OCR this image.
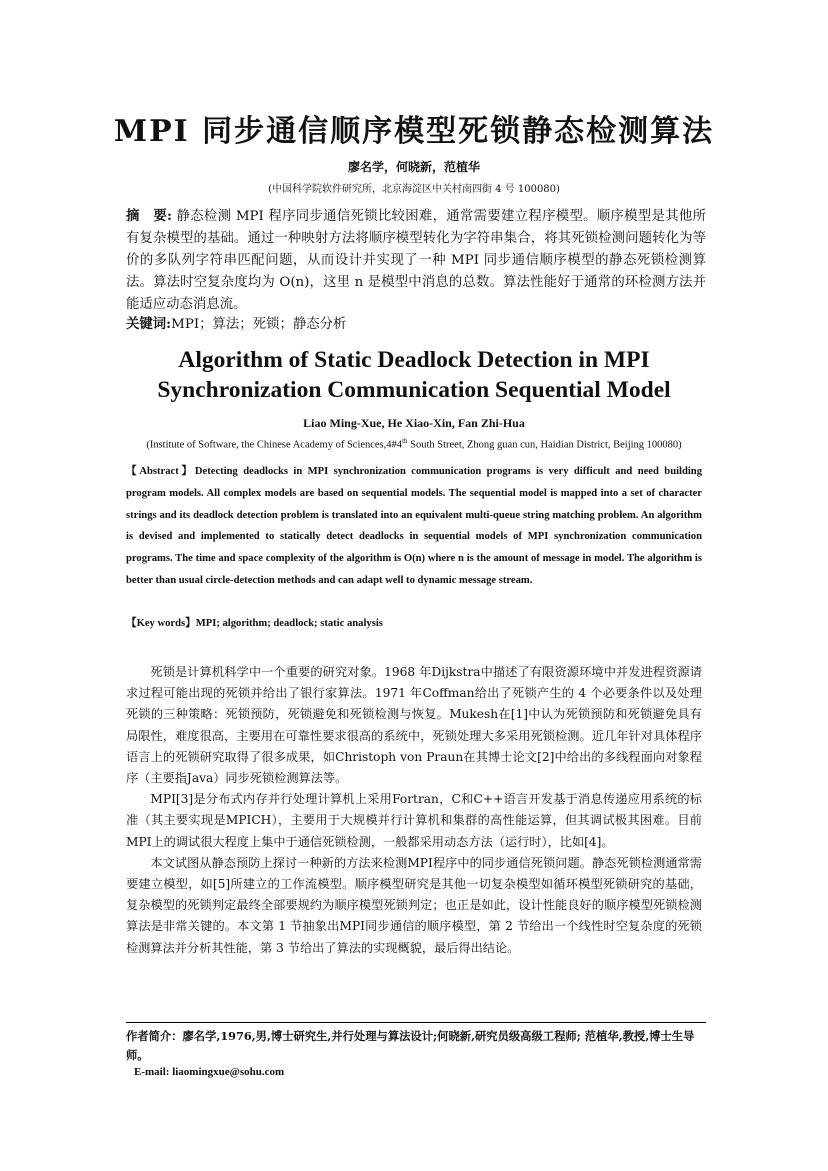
MPI 同步通信顺序模型死锁静态检测算法
廖名学，何晓新，范植华
(中国科学院软件研究所，北京海淀区中关村南四街 4 号 100080)
摘　要: 静态检测 MPI 程序同步通信死锁比较困难，通常需要建立程序模型。顺序模型是其他所有复杂模型的基础。通过一种映射方法将顺序模型转化为字符串集合，将其死锁检测问题转化为等价的多队列字符串匹配问题，从而设计并实现了一种 MPI 同步通信顺序模型的静态死锁检测算法。算法时空复杂度均为 O(n)，这里 n 是模型中消息的总数。算法性能好于通常的环检测方法并能适应动态消息流。
关键词:MPI；算法；死锁；静态分析
Algorithm of Static Deadlock Detection in MPI
Synchronization Communication Sequential Model
Liao Ming-Xue, He Xiao-Xin, Fan Zhi-Hua
(Institute of Software, the Chinese Academy of Sciences,4#4th South Street, Zhong guan cun, Haidian District, Beijing 100080)
【Abstract】Detecting deadlocks in MPI synchronization communication programs is very difficult and need building program models. All complex models are based on sequential models. The sequential model is mapped into a set of character strings and its deadlock detection problem is translated into an equivalent multi-queue string matching problem. An algorithm is devised and implemented to statically detect deadlocks in sequential models of MPI synchronization communication programs. The time and space complexity of the algorithm is O(n) where n is the amount of message in model. The algorithm is better than usual circle-detection methods and can adapt well to dynamic message stream.
【Key words】MPI; algorithm; deadlock; static analysis

死锁是计算机科学中一个重要的研究对象。1968 年Dijkstra中描述了有限资源环境中并发进程资源请求过程可能出现的死锁并给出了银行家算法。1971 年Coffman给出了死锁产生的 4 个必要条件以及处理死锁的三种策略：死锁预防，死锁避免和死锁检测与恢复。Mukesh在[1]中认为死锁预防和死锁避免具有局限性，难度很高，主要用在可靠性要求很高的系统中，死锁处理大多采用死锁检测。近几年针对具体程序语言上的死锁研究取得了很多成果，如Christoph von Praun在其博士论文[2]中给出的多线程面向对象程序（主要指Java）同步死锁检测算法等。

MPI[3]是分布式内存并行处理计算机上采用Fortran，C和C++语言开发基于消息传递应用系统的标准（其主要实现是MPICH），主要用于大规模并行计算机和集群的高性能运算，但其调试极其困难。目前MPI上的调试很大程度上集中于通信死锁检测，一般都采用动态方法（运行时），比如[4]。

本文试图从静态预防上探讨一种新的方法来检测MPI程序中的同步通信死锁问题。静态死锁检测通常需要建立模型，如[5]所建立的工作流模型。顺序模型研究是其他一切复杂模型如循环模型死锁研究的基础，复杂模型的死锁判定最终全部要规约为顺序模型死锁判定；也正是如此，设计性能良好的顺序模型死锁检测算法是非常关键的。本文第 1 节抽象出MPI同步通信的顺序模型，第 2 节给出一个线性时空复杂度的死锁检测算法并分析其性能，第 3 节给出了算法的实现概貌，最后得出结论。

作者简介：廖名学,1976,男,博士研究生,并行处理与算法设计;何晓新,研究员级高级工程师; 范植华,教授,博士生导师。
E-mail: liaomingxue@sohu.com
